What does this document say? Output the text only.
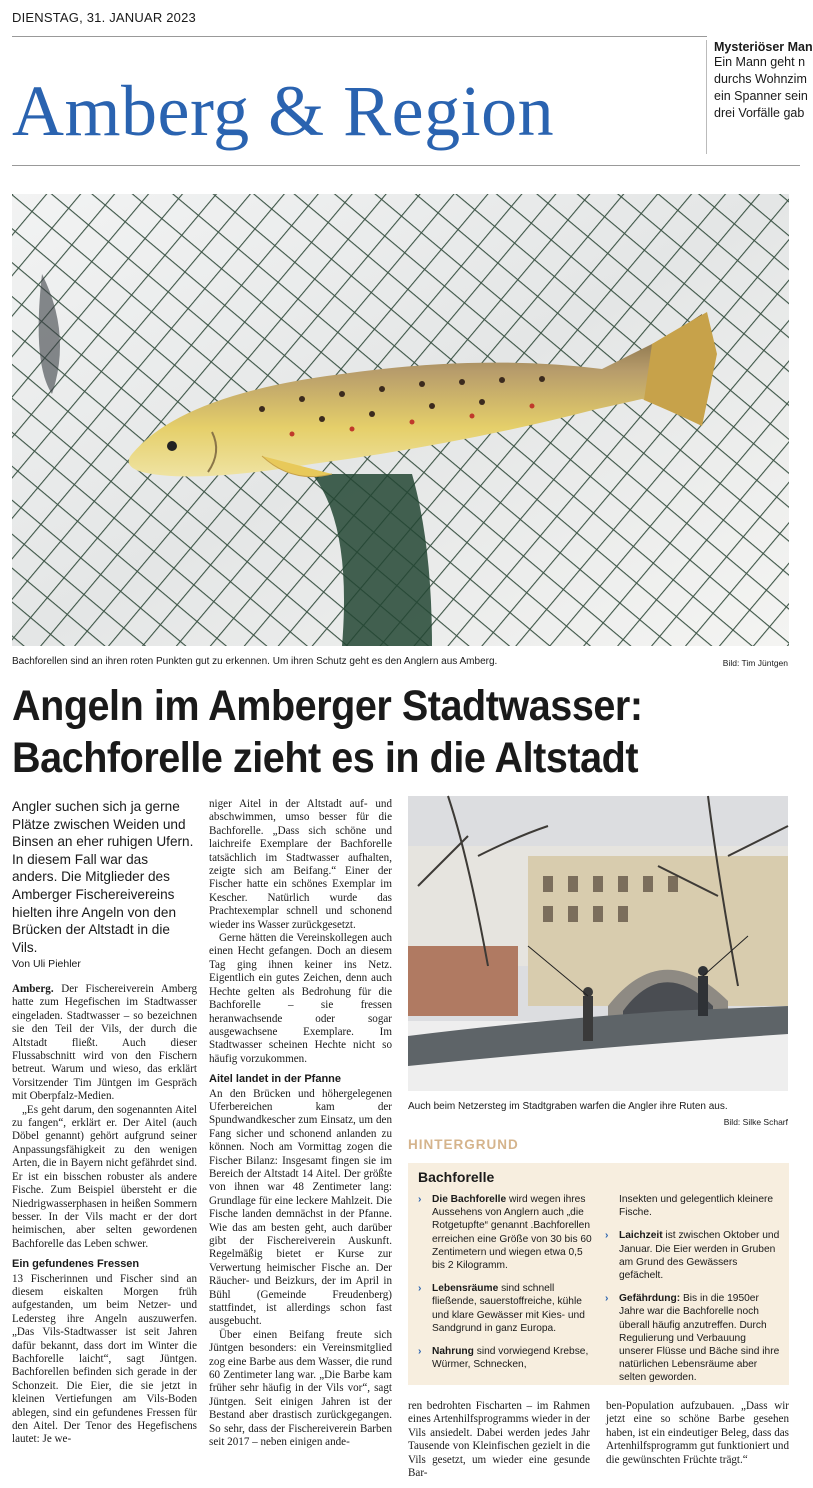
DIENSTAG, 31. JANUAR 2023
Amberg & Region
Mysteriöser Man
Ein Mann geht n
durchs Wohnzim
ein Spanner sein
drei Vorfälle gab
Bachforellen sind an ihren roten Punkten gut zu erkennen. Um ihren Schutz geht es den Anglern aus Amberg.	Bild: Tim Jüntgen
Angeln im Amberger Stadtwasser:
Bachforelle zieht es in die Altstadt
Angler suchen sich ja gerne Plätze zwischen Weiden und Binsen an eher ruhigen Ufern. In diesem Fall war das anders. Die Mitglieder des Amberger Fischereivereins hielten ihre Angeln von den Brücken der Altstadt in die Vils.
Von Uli Piehler

Amberg. Der Fischereiverein Amberg hatte zum Hegefischen im Stadtwasser eingeladen. Stadtwasser – so bezeichnen sie den Teil der Vils, der durch die Altstadt fließt. Auch dieser Flussabschnitt wird von den Fischern betreut. Warum und wieso, das erklärt Vorsitzender Tim Jüntgen im Gespräch mit Oberpfalz-Medien.

„Es geht darum, den sogenannten Aitel zu fangen“, erklärt er. Der Aitel (auch Döbel genannt) gehört aufgrund seiner Anpassungsfähigkeit zu den wenigen Arten, die in Bayern nicht gefährdet sind. Er ist ein bisschen robuster als andere Fische. Zum Beispiel übersteht er die Niedrigwasserphasen in heißen Sommern besser. In der Vils macht er der dort heimischen, aber selten gewordenen Bachforelle das Leben schwer.

Ein gefundenes Fressen

13 Fischerinnen und Fischer sind an diesem eiskalten Morgen früh aufgestanden, um beim Netzer- und Ledersteg ihre Angeln auszuwerfen. „Das Vils-Stadtwasser ist seit Jahren dafür bekannt, dass dort im Winter die Bachforelle laicht“, sagt Jüntgen. Bachforellen befinden sich gerade in der Schonzeit. Die Eier, die sie jetzt in kleinen Vertiefungen am Vils-Boden ablegen, sind ein gefundenes Fressen für den Aitel. Der Tenor des Hegefischens lautet: Je we-

niger Aitel in der Altstadt auf- und abschwimmen, umso besser für die Bachforelle. „Dass sich schöne und laichreife Exemplare der Bachforelle tatsächlich im Stadtwasser aufhalten, zeigte sich am Beifang.“ Einer der Fischer hatte ein schönes Exemplar im Kescher. Natürlich wurde das Prachtexemplar schnell und schonend wieder ins Wasser zurückgesetzt.

Gerne hätten die Vereinskollegen auch einen Hecht gefangen. Doch an diesem Tag ging ihnen keiner ins Netz. Eigentlich ein gutes Zeichen, denn auch Hechte gelten als Bedrohung für die Bachforelle – sie fressen heranwachsende oder sogar ausgewachsene Exemplare. Im Stadtwasser scheinen Hechte nicht so häufig vorzukommen.

Aitel landet in der Pfanne

An den Brücken und höhergelegenen Uferbereichen kam der Spundwandkescher zum Einsatz, um den Fang sicher und schonend anlanden zu können. Noch am Vormittag zogen die Fischer Bilanz: Insgesamt fingen sie im Bereich der Altstadt 14 Aitel. Der größte von ihnen war 48 Zentimeter lang: Grundlage für eine leckere Mahlzeit. Die Fische landen demnächst in der Pfanne. Wie das am besten geht, auch darüber gibt der Fischereiverein Auskunft. Regelmäßig bietet er Kurse zur Verwertung heimischer Fische an. Der Räucher- und Beizkurs, der im April in Bühl (Gemeinde Freudenberg) stattfindet, ist allerdings schon fast ausgebucht.

Über einen Beifang freute sich Jüntgen besonders: ein Vereinsmitglied zog eine Barbe aus dem Wasser, die rund 60 Zentimeter lang war. „Die Barbe kam früher sehr häufig in der Vils vor“, sagt Jüntgen. Seit einigen Jahren ist der Bestand aber drastisch zurückgegangen. So sehr, dass der Fischereiverein Barben seit 2017 – neben einigen ande-

Auch beim Netzersteg im Stadtgraben warfen die Angler ihre Ruten aus.
Bild: Silke Scharf
HINTERGRUND
Bachforelle
› Die Bachforelle wird wegen ihres Aussehens von Anglern auch „die Rotgetupfte“ genannt .Bachforellen erreichen eine Größe von 30 bis 60 Zentimetern und wiegen etwa 0,5 bis 2 Kilogramm.
› Lebensräume sind schnell fließende, sauerstoffreiche, kühle und klare Gewässer mit Kies- und Sandgrund in ganz Europa.
› Nahrung sind vorwiegend Krebse, Würmer, Schnecken,
Insekten und gelegentlich kleinere Fische.
› Laichzeit ist zwischen Oktober und Januar. Die Eier werden in Gruben am Grund des Gewässers gefächelt.
› Gefährdung: Bis in die 1950er Jahre war die Bachforelle noch überall häufig anzutreffen. Durch Regulierung und Verbauung unserer Flüsse und Bäche sind ihre natürlichen Lebensräume aber selten geworden.

ren bedrohten Fischarten – im Rahmen eines Artenhilfsprogramms wieder in der Vils ansiedelt. Dabei werden jedes Jahr Tausende von Kleinfischen gezielt in die Vils gesetzt, um wieder eine gesunde Bar-

ben-Population aufzubauen. „Dass wir jetzt eine so schöne Barbe gesehen haben, ist ein eindeutiger Beleg, dass das Artenhilfsprogramm gut funktioniert und die gewünschten Früchte trägt.“
